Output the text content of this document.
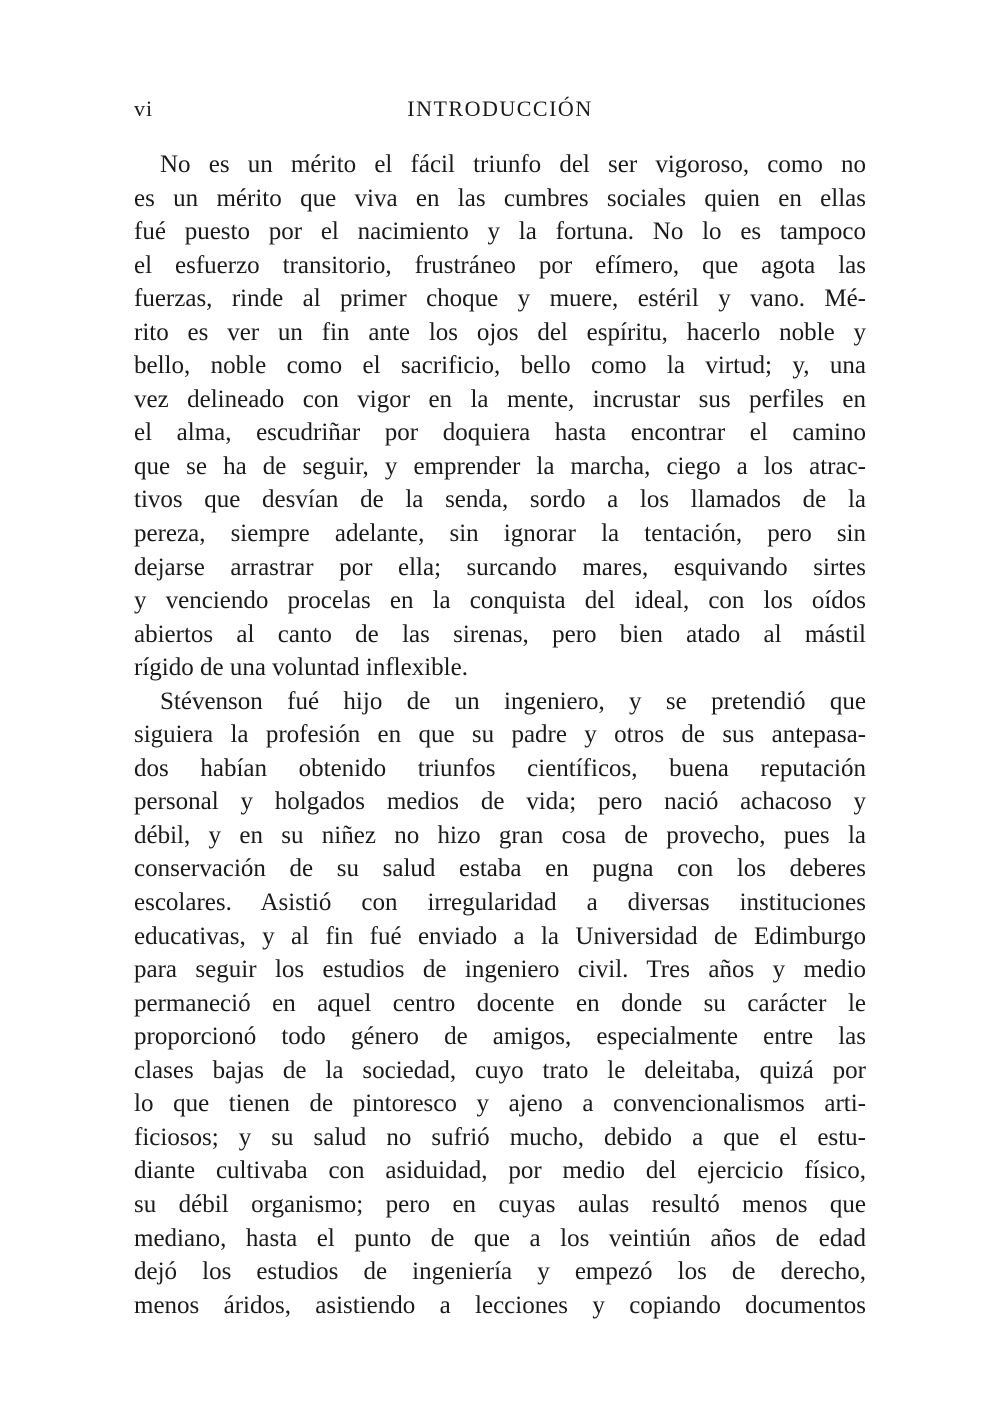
vi	INTRODUCCIÓN
No es un mérito el fácil triunfo del ser vigoroso, como no
es un mérito que viva en las cumbres sociales quien en ellas
fué puesto por el nacimiento y la fortuna. No lo es tampoco
el esfuerzo transitorio, frustráneo por efímero, que agota las
fuerzas, rinde al primer choque y muere, estéril y vano. Mé-
rito es ver un fin ante los ojos del espíritu, hacerlo noble y
bello, noble como el sacrificio, bello como la virtud; y, una
vez delineado con vigor en la mente, incrustar sus perfiles en
el alma, escudriñar por doquiera hasta encontrar el camino
que se ha de seguir, y emprender la marcha, ciego a los atrac-
tivos que desvían de la senda, sordo a los llamados de la
pereza, siempre adelante, sin ignorar la tentación, pero sin
dejarse arrastrar por ella; surcando mares, esquivando sirtes
y venciendo procelas en la conquista del ideal, con los oídos
abiertos al canto de las sirenas, pero bien atado al mástil
rígido de una voluntad inflexible.
Stévenson fué hijo de un ingeniero, y se pretendió que
siguiera la profesión en que su padre y otros de sus antepasa-
dos habían obtenido triunfos científicos, buena reputación
personal y holgados medios de vida; pero nació achacoso y
débil, y en su niñez no hizo gran cosa de provecho, pues la
conservación de su salud estaba en pugna con los deberes
escolares. Asistió con irregularidad a diversas instituciones
educativas, y al fin fué enviado a la Universidad de Edimburgo
para seguir los estudios de ingeniero civil. Tres años y medio
permaneció en aquel centro docente en donde su carácter le
proporcionó todo género de amigos, especialmente entre las
clases bajas de la sociedad, cuyo trato le deleitaba, quizá por
lo que tienen de pintoresco y ajeno a convencionalismos arti-
ficiosos; y su salud no sufrió mucho, debido a que el estu-
diante cultivaba con asiduidad, por medio del ejercicio físico,
su débil organismo; pero en cuyas aulas resultó menos que
mediano, hasta el punto de que a los veintiún años de edad
dejó los estudios de ingeniería y empezó los de derecho,
menos áridos, asistiendo a lecciones y copiando documentos
